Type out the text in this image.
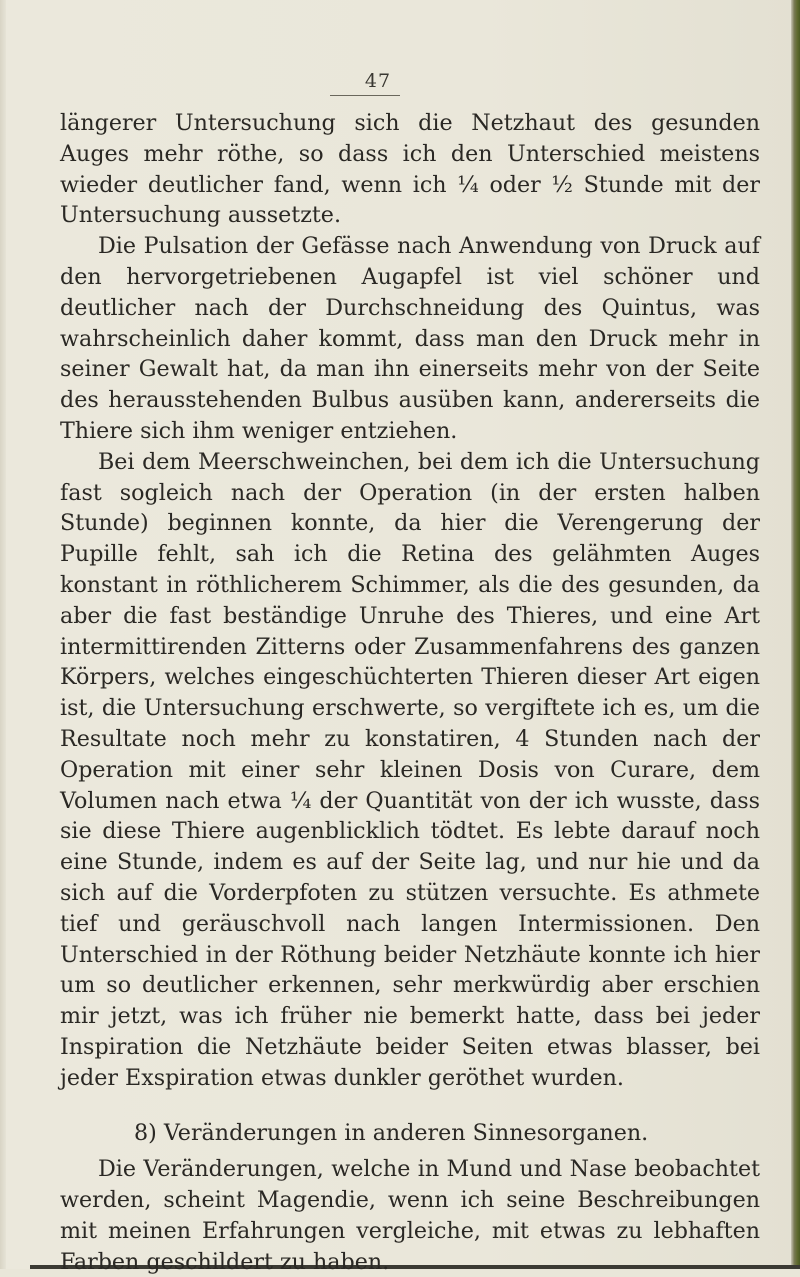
47

längerer Untersuchung sich die Netzhaut des gesunden Auges mehr röthe, so dass ich den Unterschied meistens wieder deutlicher fand, wenn ich ¼ oder ½ Stunde mit der Untersuchung aussetzte.

Die Pulsation der Gefässe nach Anwendung von Druck auf den hervorgetriebenen Augapfel ist viel schöner und deutlicher nach der Durchschneidung des Quintus, was wahrscheinlich daher kommt, dass man den Druck mehr in seiner Gewalt hat, da man ihn einerseits mehr von der Seite des herausstehenden Bulbus ausüben kann, andererseits die Thiere sich ihm weniger entziehen.

Bei dem Meerschweinchen, bei dem ich die Untersuchung fast sogleich nach der Operation (in der ersten halben Stunde) beginnen konnte, da hier die Verengerung der Pupille fehlt, sah ich die Retina des gelähmten Auges konstant in röthlicherem Schimmer, als die des gesunden, da aber die fast beständige Unruhe des Thieres, und eine Art intermittirenden Zitterns oder Zusammenfahrens des ganzen Körpers, welches eingeschüchterten Thieren dieser Art eigen ist, die Untersuchung erschwerte, so vergiftete ich es, um die Resultate noch mehr zu konstatiren, 4 Stunden nach der Operation mit einer sehr kleinen Dosis von Curare, dem Volumen nach etwa ¼ der Quantität von der ich wusste, dass sie diese Thiere augenblicklich tödtet. Es lebte darauf noch eine Stunde, indem es auf der Seite lag, und nur hie und da sich auf die Vorderpfoten zu stützen versuchte. Es athmete tief und geräuschvoll nach langen Intermissionen. Den Unterschied in der Röthung beider Netzhäute konnte ich hier um so deutlicher erkennen, sehr merkwürdig aber erschien mir jetzt, was ich früher nie bemerkt hatte, dass bei jeder Inspiration die Netzhäute beider Seiten etwas blasser, bei jeder Exspiration etwas dunkler geröthet wurden.

8) Veränderungen in anderen Sinnesorganen.

Die Veränderungen, welche in Mund und Nase beobachtet werden, scheint Magendie, wenn ich seine Beschreibungen mit meinen Erfahrungen vergleiche, mit etwas zu lebhaften Farben geschildert zu haben.
